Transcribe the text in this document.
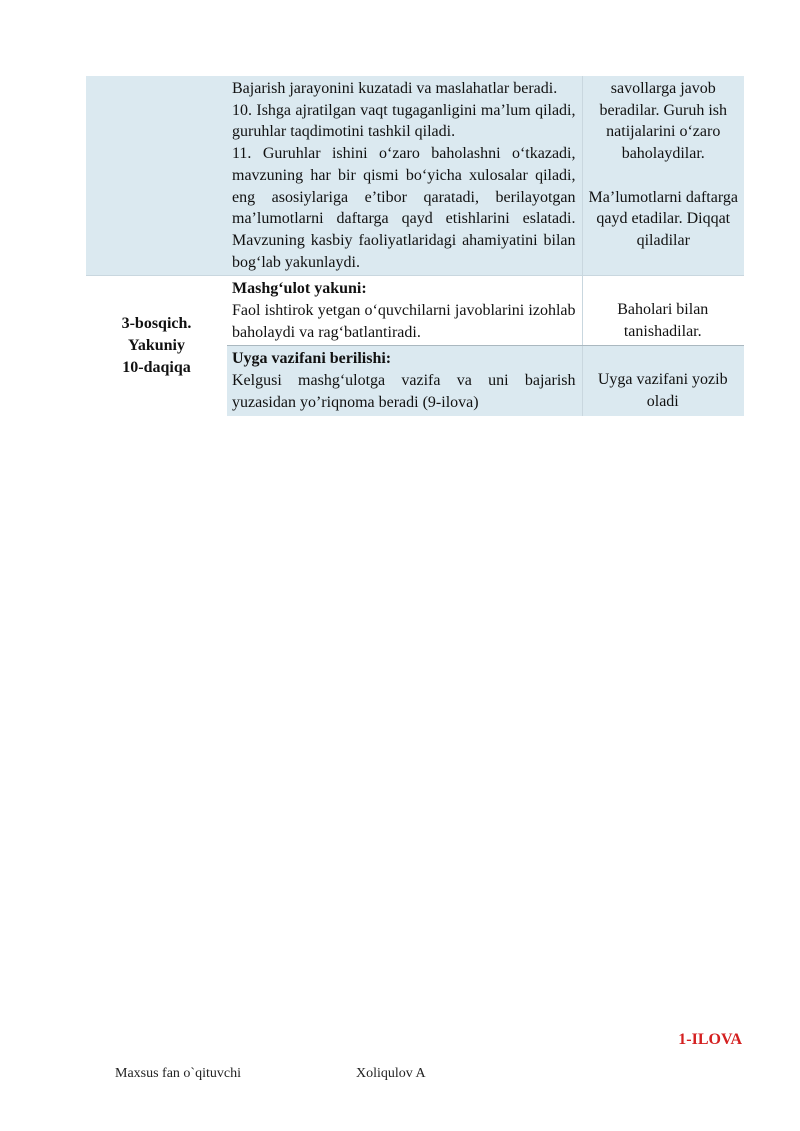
	Bajarish jarayonini kuzatadi va maslahatlar beradi.
10. Ishga ajratilgan vaqt tugaganligini ma’lum qiladi, guruhlar taqdimotini tashkil qiladi.
11. Guruhlar ishini o‘zaro baholashni o‘tkazadi, mavzuning har bir qismi bo‘yicha xulosalar qiladi, eng asosiylariga e’tibor qaratadi, berilayotgan ma’lumotlarni daftarga qayd etishlarini eslatadi. Mavzuning kasbiy faoliyatlaridagi ahamiyatini bilan bog‘lab yakunlaydi.	savollarga javob beradilar. Guruh ish natijalarini o‘zaro baholaydilar.
Ma’lumotlarni daftarga qayd etadilar. Diqqat qiladilar

3-bosqich.
Yakuniy
10-daqiqa	Mashg‘ulot yakuni:
Faol ishtirok yetgan o‘quvchilarni javoblarini izohlab baholaydi va rag‘batlantiradi.	Baholari bilan tanishadilar.

	Uyga vazifani berilishi:
Kelgusi mashg‘ulotga vazifa va uni bajarish yuzasidan yo’riqnoma beradi (9-ilova)	Uyga vazifani yozib oladi
1-ILOVA
Maxsus fan o`qituvchi	Xoliqulov A
